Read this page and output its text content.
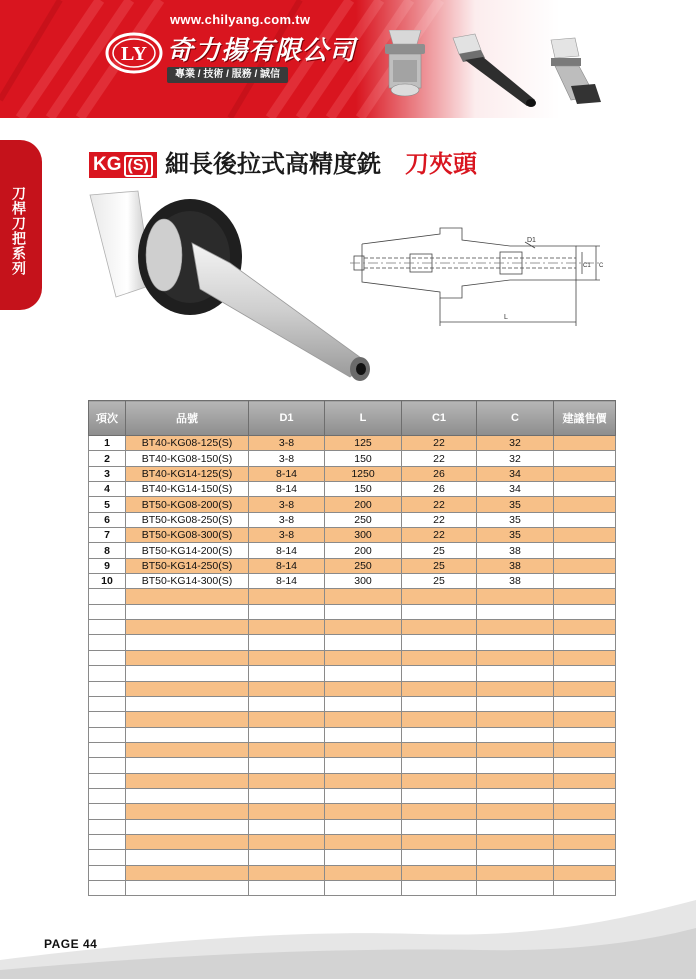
www.chilyang.com.tw
LY 奇力揚有限公司
專業 / 技術 / 服務 / 誠信
刀桿刀把系列
KG (S) 細長後拉式高精度銑 刀夾頭
D1
C1 C
L
項次	品號	D1	L	C1	C	建議售價
1	BT40-KG08-125(S)	3-8	125	22	32	
2	BT40-KG08-150(S)	3-8	150	22	32	
3	BT40-KG14-125(S)	8-14	1250	26	34	
4	BT40-KG14-150(S)	8-14	150	26	34	
5	BT50-KG08-200(S)	3-8	200	22	35	
6	BT50-KG08-250(S)	3-8	250	22	35	
7	BT50-KG08-300(S)	3-8	300	22	35	
8	BT50-KG14-200(S)	8-14	200	25	38	
9	BT50-KG14-250(S)	8-14	250	25	38	
10	BT50-KG14-300(S)	8-14	300	25	38	

PAGE 44
